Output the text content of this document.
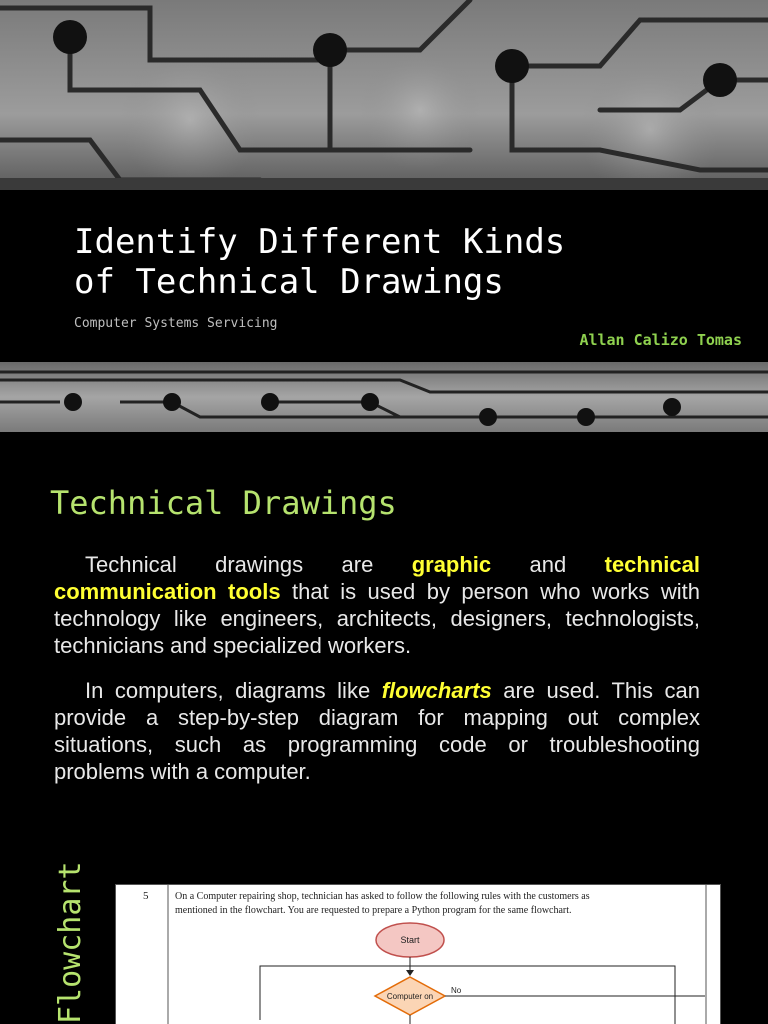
Identify Different Kinds
of Technical Drawings
Computer Systems Servicing
Allan Calizo Tomas
Technical Drawings

Technical drawings are graphic and technical communication tools that is used by person who works with technology like engineers, architects, designers, technologists, technicians and specialized workers.

In computers, diagrams like flowcharts are used. This can provide a step-by-step diagram for mapping out complex situations, such as programming code or troubleshooting problems with a computer.

Flowchart	5	On a Computer repairing shop, technician has asked to follow the following rules with the customers as
mentioned in the flowchart. You are requested to prepare a Python program for the same flowchart.
Start
Computer on
No
